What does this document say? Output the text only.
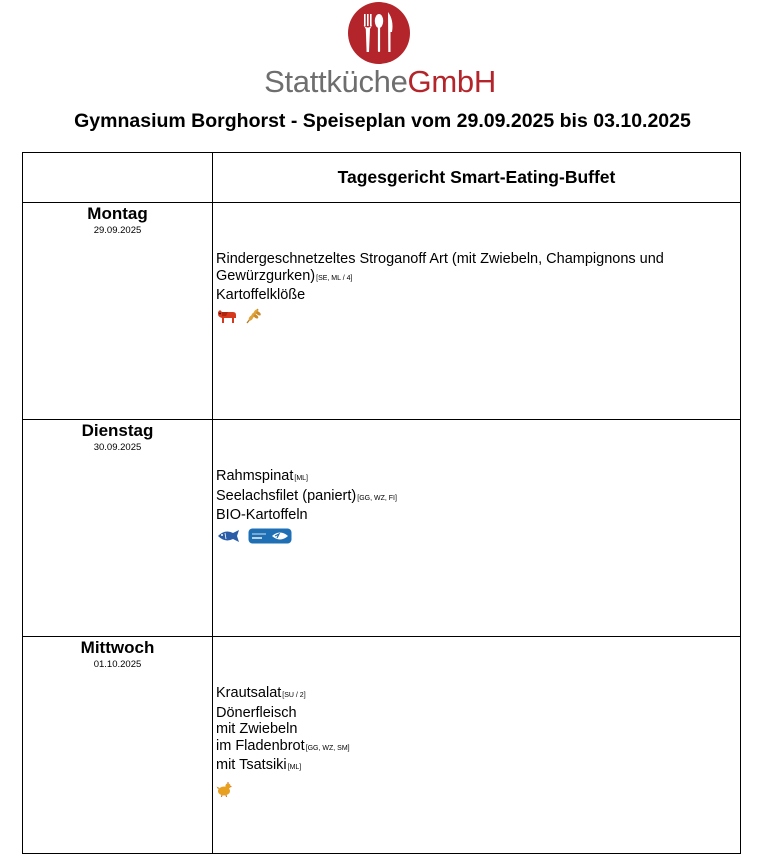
StattkücheGmbH
Gymnasium Borghorst - Speiseplan vom 29.09.2025 bis 03.10.2025
	Tagesgericht Smart-Eating-Buffet

Montag
29.09.2025	Rindergeschnetzeltes Stroganoff Art (mit Zwiebeln, Champignons und Gewürzgurken)[SE, ML / 4]
Kartoffelklöße

Dienstag
30.09.2025	Rahmspinat[ML]
Seelachsfilet (paniert)[GG, WZ, FI]
BIO-Kartoffeln

Mittwoch
01.10.2025	Krautsalat[SU / 2]
Dönerfleisch
mit Zwiebeln
im Fladenbrot[GG, WZ, SM]
mit Tsatsiki[ML]
